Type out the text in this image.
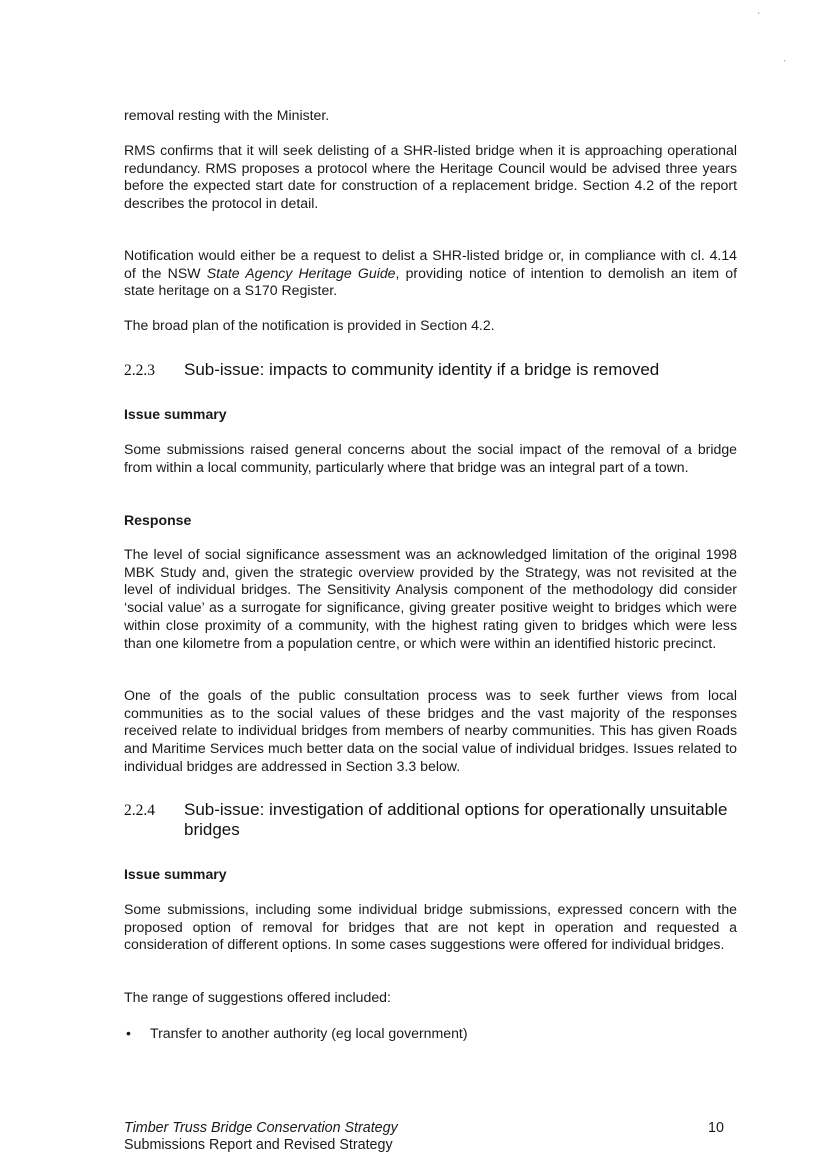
ʻ
ˏ

removal resting with the Minister.

RMS confirms that it will seek delisting of a SHR-listed bridge when it is approaching operational redundancy. RMS proposes a protocol where the Heritage Council would be advised three years before the expected start date for construction of a replacement bridge. Section 4.2 of the report describes the protocol in detail.

Notification would either be a request to delist a SHR-listed bridge or, in compliance with cl. 4.14 of the NSW State Agency Heritage Guide, providing notice of intention to demolish an item of state heritage on a S170 Register.

The broad plan of the notification is provided in Section 4.2.

2.2.3 Sub-issue: impacts to community identity if a bridge is removed
Issue summary

Some submissions raised general concerns about the social impact of the removal of a bridge from within a local community, particularly where that bridge was an integral part of a town.

Response

The level of social significance assessment was an acknowledged limitation of the original 1998 MBK Study and, given the strategic overview provided by the Strategy, was not revisited at the level of individual bridges. The Sensitivity Analysis component of the methodology did consider ‘social value’ as a surrogate for significance, giving greater positive weight to bridges which were within close proximity of a community, with the highest rating given to bridges which were less than one kilometre from a population centre, or which were within an identified historic precinct.

One of the goals of the public consultation process was to seek further views from local communities as to the social values of these bridges and the vast majority of the responses received relate to individual bridges from members of nearby communities. This has given Roads and Maritime Services much better data on the social value of individual bridges. Issues related to individual bridges are addressed in Section 3.3 below.

2.2.4 Sub-issue: investigation of additional options for operationally unsuitable bridges
Issue summary

Some submissions, including some individual bridge submissions, expressed concern with the proposed option of removal for bridges that are not kept in operation and requested a consideration of different options. In some cases suggestions were offered for individual bridges.

The range of suggestions offered included:

• Transfer to another authority (eg local government)
Timber Truss Bridge Conservation Strategy
Submissions Report and Revised Strategy
10
